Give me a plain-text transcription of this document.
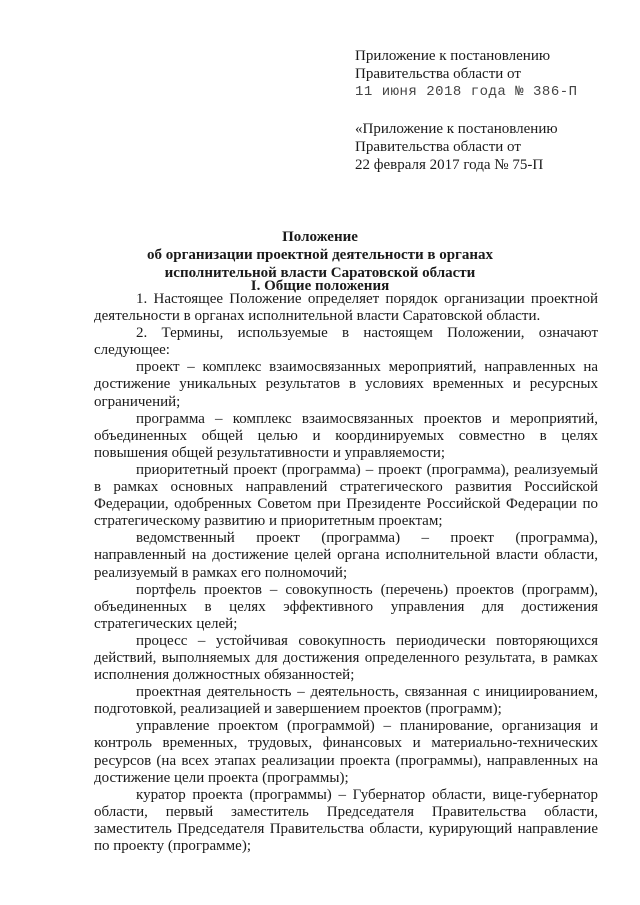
Приложение к постановлению
Правительства области от
11 июня 2018 года № 386-П
«Приложение к постановлению
Правительства области от
22 февраля 2017 года № 75-П
Положение
об организации проектной деятельности в органах
исполнительной власти Саратовской области
I. Общие положения

1. Настоящее Положение определяет порядок организации проектной деятельности в органах исполнительной власти Саратовской области.

2. Термины, используемые в настоящем Положении, означают следующее:

проект – комплекс взаимосвязанных мероприятий, направленных на достижение уникальных результатов в условиях временных и ресурсных ограничений;

программа – комплекс взаимосвязанных проектов и мероприятий, объединенных общей целью и координируемых совместно в целях повышения общей результативности и управляемости;

приоритетный проект (программа) – проект (программа), реализуемый в рамках основных направлений стратегического развития Российской Федерации, одобренных Советом при Президенте Российской Федерации по стратегическому развитию и приоритетным проектам;

ведомственный проект (программа) – проект (программа), направленный на достижение целей органа исполнительной власти области, реализуемый в рамках его полномочий;

портфель проектов – совокупность (перечень) проектов (программ), объединенных в целях эффективного управления для достижения стратегических целей;

процесс – устойчивая совокупность периодически повторяющихся действий, выполняемых для достижения определенного результата, в рамках исполнения должностных обязанностей;

проектная деятельность – деятельность, связанная с инициированием, подготовкой, реализацией и завершением проектов (программ);

управление проектом (программой) – планирование, организация и контроль временных, трудовых, финансовых и материально-технических ресурсов (на всех этапах реализации проекта (программы), направленных на достижение цели проекта (программы);

куратор проекта (программы) – Губернатор области, вице-губернатор области, первый заместитель Председателя Правительства области, заместитель Председателя Правительства области, курирующий направление по проекту (программе);
